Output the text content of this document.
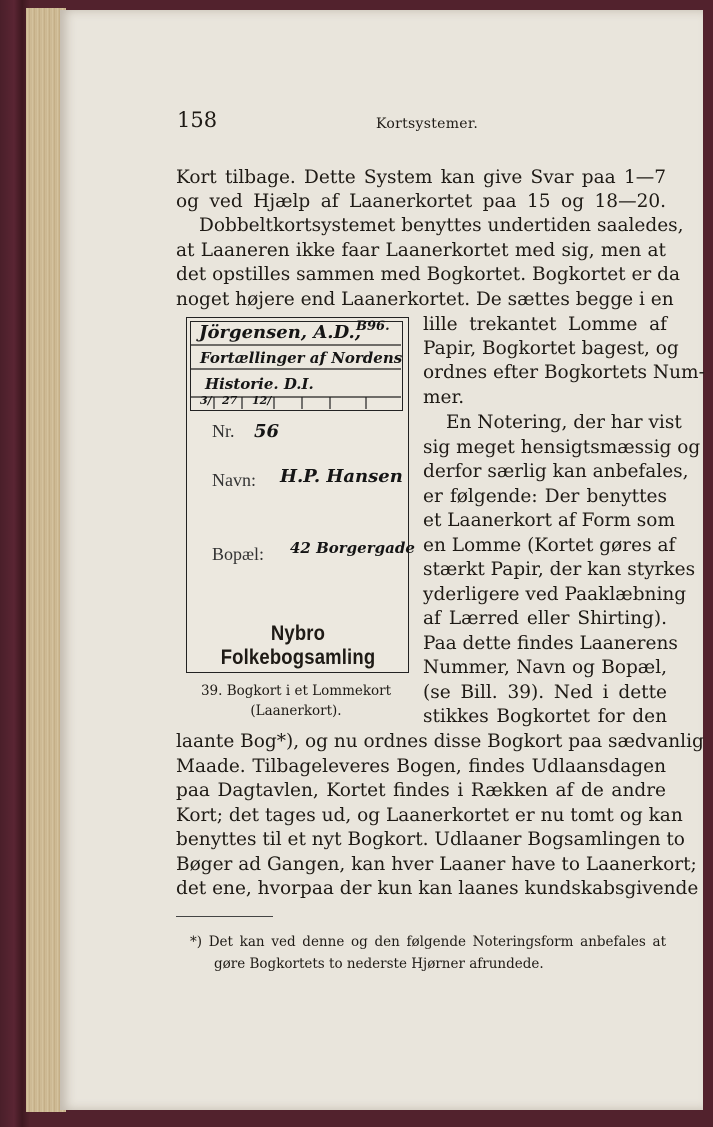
158	Kortsystemer.
Kort tilbage. Dette System kan give Svar paa 1—7
og ved Hjælp af Laanerkortet paa 15 og 18—20.
Dobbeltkortsystemet benyttes undertiden saaledes,
at Laaneren ikke faar Laanerkortet med sig, men at
det opstilles sammen med Bogkortet. Bogkortet er da
noget højere end Laanerkortet. De sættes begge i en
lille trekantet Lomme af
Papir, Bogkortet bagest, og
ordnes efter Bogkortets Num-
mer.
En Notering, der har vist
sig meget hensigtsmæssig og
derfor særlig kan anbefales,
er følgende: Der benyttes
et Laanerkort af Form som
en Lomme (Kortet gøres af
stærkt Papir, der kan styrkes
yderligere ved Paaklæbning
af Lærred eller Shirting).
Paa dette findes Laanerens
Nummer, Navn og Bopæl,
(se Bill. 39). Ned i dette
stikkes Bogkortet for den
Jörgensen, A.D.,
B96.
Fortællinger af Nordens
Historie. D.I.
3/ 27 12/
Nr. 56
Navn: H.P. Hansen
Bopæl: 42 Borgergade
Nybro Folkebogsamling
39. Bogkort i et Lommekort
(Laanerkort).
laante Bog*), og nu ordnes disse Bogkort paa sædvanlig
Maade. Tilbageleveres Bogen, findes Udlaansdagen
paa Dagtavlen, Kortet findes i Rækken af de andre
Kort; det tages ud, og Laanerkortet er nu tomt og kan
benyttes til et nyt Bogkort. Udlaaner Bogsamlingen to
Bøger ad Gangen, kan hver Laaner have to Laanerkort;
det ene, hvorpaa der kun kan laanes kundskabsgivende
*) Det kan ved denne og den følgende Noteringsform anbefales at
gøre Bogkortets to nederste Hjørner afrundede.
